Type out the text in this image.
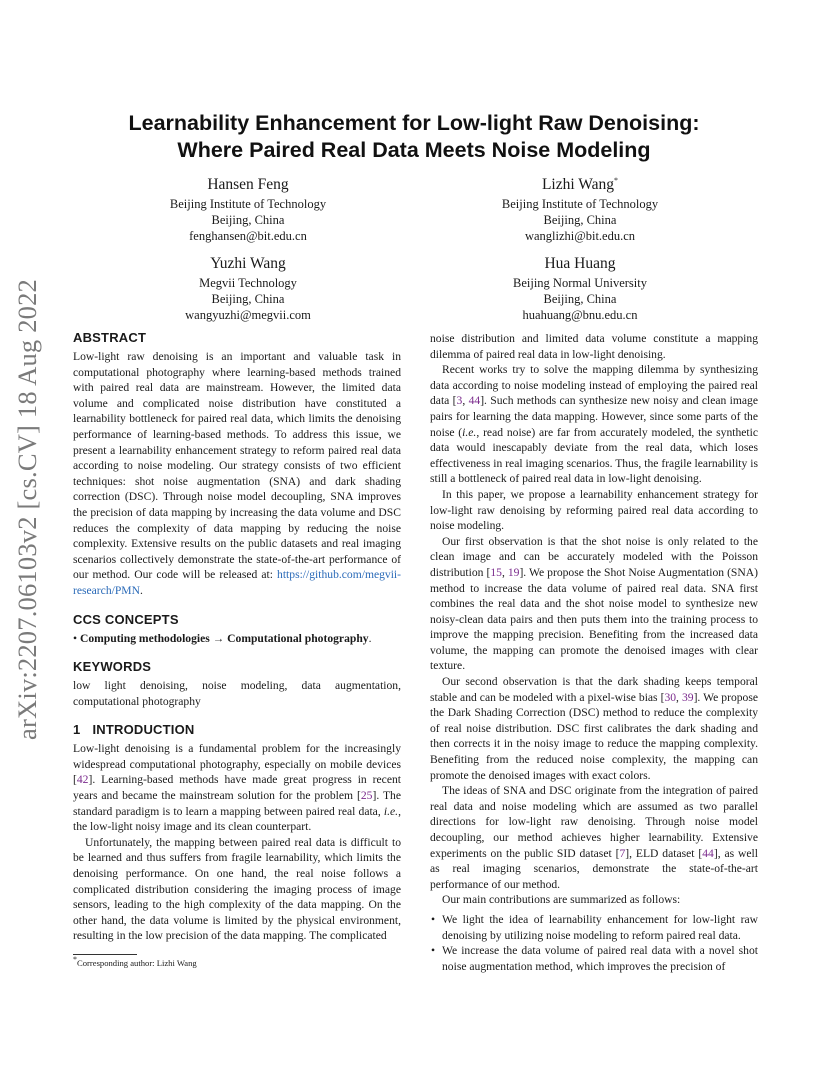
arXiv:2207.06103v2 [cs.CV] 18 Aug 2022
Learnability Enhancement for Low-light Raw Denoising:
Where Paired Real Data Meets Noise Modeling
Hansen Feng
Beijing Institute of Technology
Beijing, China
fenghansen@bit.edu.cn
Lizhi Wang*
Beijing Institute of Technology
Beijing, China
wanglizhi@bit.edu.cn
Yuzhi Wang
Megvii Technology
Beijing, China
wangyuzhi@megvii.com
Hua Huang
Beijing Normal University
Beijing, China
huahuang@bnu.edu.cn
ABSTRACT

Low-light raw denoising is an important and valuable task in computational photography where learning-based methods trained with paired real data are mainstream. However, the limited data volume and complicated noise distribution have constituted a learnability bottleneck for paired real data, which limits the denoising performance of learning-based methods. To address this issue, we present a learnability enhancement strategy to reform paired real data according to noise modeling. Our strategy consists of two efficient techniques: shot noise augmentation (SNA) and dark shading correction (DSC). Through noise model decoupling, SNA improves the precision of data mapping by increasing the data volume and DSC reduces the complexity of data mapping by reducing the noise complexity. Extensive results on the public datasets and real imaging scenarios collectively demonstrate the state-of-the-art performance of our method. Our code will be released at: https://github.com/megvii-research/PMN.

CCS CONCEPTS

• Computing methodologies → Computational photography.

KEYWORDS

low light denoising, noise modeling, data augmentation, computational photography

1 INTRODUCTION

Low-light denoising is a fundamental problem for the increasingly widespread computational photography, especially on mobile devices [42]. Learning-based methods have made great progress in recent years and became the mainstream solution for the problem [25]. The standard paradigm is to learn a mapping between paired real data, i.e., the low-light noisy image and its clean counterpart.

Unfortunately, the mapping between paired real data is difficult to be learned and thus suffers from fragile learnability, which limits the denoising performance. On one hand, the real noise follows a complicated distribution considering the imaging process of image sensors, leading to the high complexity of the data mapping. On the other hand, the data volume is limited by the physical environment, resulting in the low precision of the data mapping. The complicated

*Corresponding author: Lizhi Wang

noise distribution and limited data volume constitute a mapping dilemma of paired real data in low-light denoising.

Recent works try to solve the mapping dilemma by synthesizing data according to noise modeling instead of employing the paired real data [3, 44]. Such methods can synthesize new noisy and clean image pairs for learning the data mapping. However, since some parts of the noise (i.e., read noise) are far from accurately modeled, the synthetic data would inescapably deviate from the real data, which loses effectiveness in real imaging scenarios. Thus, the fragile learnability is still a bottleneck of paired real data in low-light denoising.

In this paper, we propose a learnability enhancement strategy for low-light raw denoising by reforming paired real data according to noise modeling.

Our first observation is that the shot noise is only related to the clean image and can be accurately modeled with the Poisson distribution [15, 19]. We propose the Shot Noise Augmentation (SNA) method to increase the data volume of paired real data. SNA first combines the real data and the shot noise model to synthesize new noisy-clean data pairs and then puts them into the training process to improve the mapping precision. Benefiting from the increased data volume, the mapping can promote the denoised images with clear texture.

Our second observation is that the dark shading keeps temporal stable and can be modeled with a pixel-wise bias [30, 39]. We propose the Dark Shading Correction (DSC) method to reduce the complexity of real noise distribution. DSC first calibrates the dark shading and then corrects it in the noisy image to reduce the mapping complexity. Benefiting from the reduced noise complexity, the mapping can promote the denoised images with exact colors.

The ideas of SNA and DSC originate from the integration of paired real data and noise modeling which are assumed as two parallel directions for low-light raw denoising. Through noise model decoupling, our method achieves higher learnability. Extensive experiments on the public SID dataset [7], ELD dataset [44], as well as real imaging scenarios, demonstrate the state-of-the-art performance of our method.

Our main contributions are summarized as follows:

• We light the idea of learnability enhancement for low-light raw denoising by utilizing noise modeling to reform paired real data.
• We increase the data volume of paired real data with a novel shot noise augmentation method, which improves the precision of
